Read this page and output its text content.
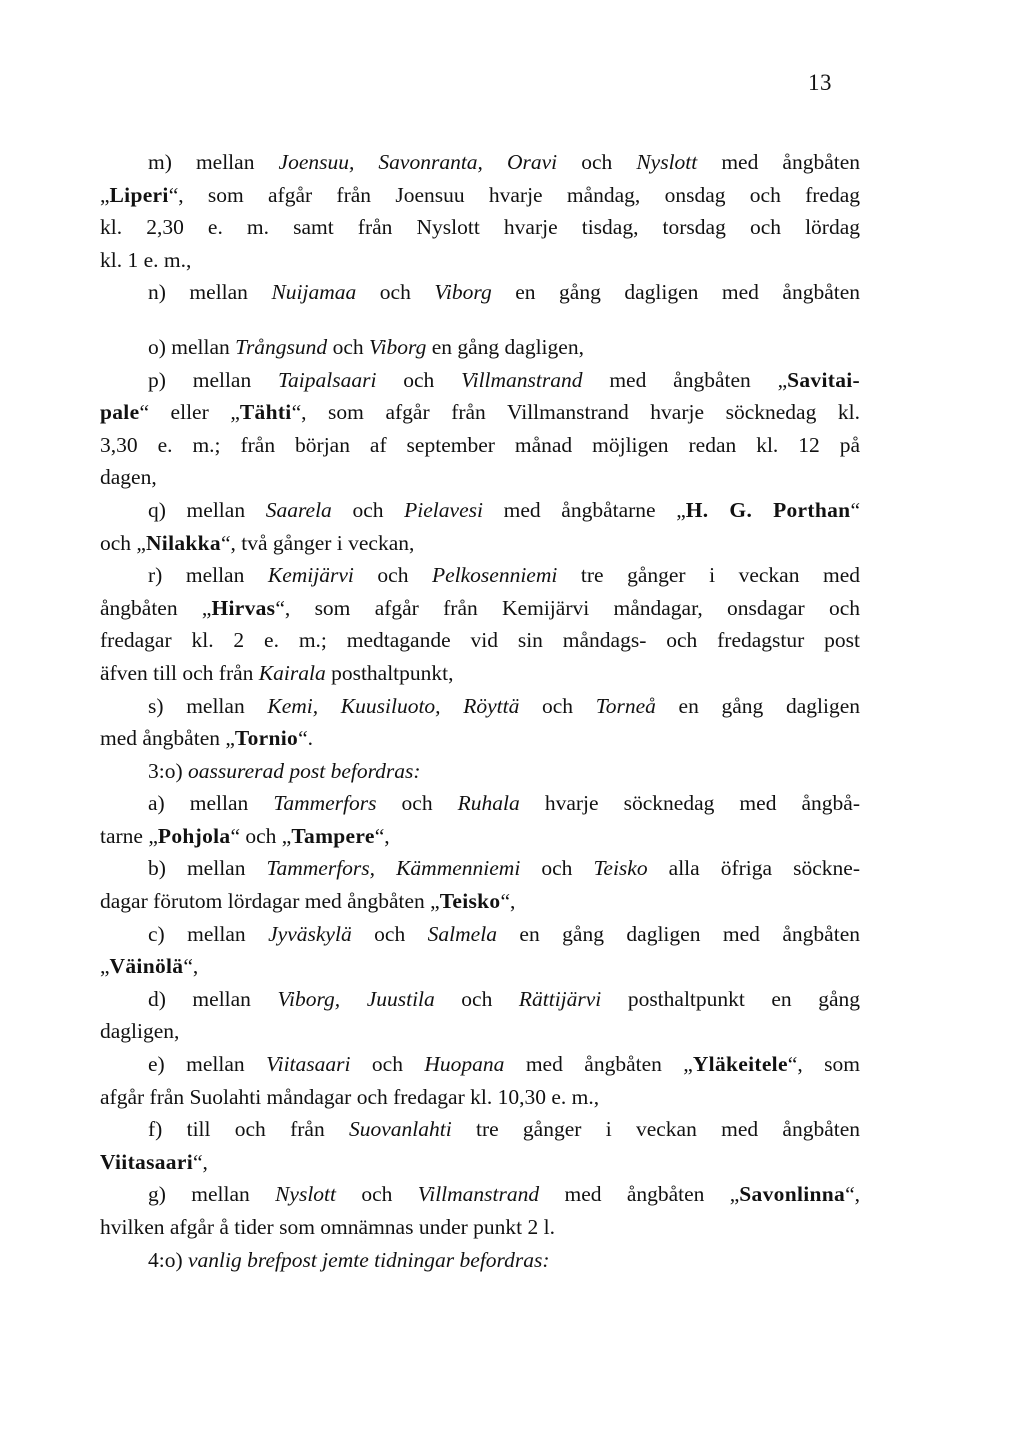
13
m) mellan Joensuu, Savonranta, Oravi och Nyslott med ångbåten
„Liperi“, som afgår från Joensuu hvarje måndag, onsdag och fredag
kl. 2,30 e. m. samt från Nyslott hvarje tisdag, torsdag och lördag
kl. 1 e. m.,
n) mellan Nuijamaa och Viborg en gång dagligen med ångbåten
o) mellan Trångsund och Viborg en gång dagligen,
p) mellan Taipalsaari och Villmanstrand med ångbåten „Savitai-
pale“ eller „Tähti“, som afgår från Villmanstrand hvarje söcknedag kl.
3,30 e. m.; från början af september månad möjligen redan kl. 12 på
dagen,
q) mellan Saarela och Pielavesi med ångbåtarne „H. G. Porthan“
och „Nilakka“, två gånger i veckan,
r) mellan Kemijärvi och Pelkosenniemi tre gånger i veckan med
ångbåten „Hirvas“, som afgår från Kemijärvi måndagar, onsdagar och
fredagar kl. 2 e. m.; medtagande vid sin måndags- och fredagstur post
äfven till och från Kairala posthaltpunkt,
s) mellan Kemi, Kuusiluoto, Röyttä och Torneå en gång dagligen
med ångbåten „Tornio“.
3:o) oassurerad post befordras:
a) mellan Tammerfors och Ruhala hvarje söcknedag med ångbå-
tarne „Pohjola“ och „Tampere“,
b) mellan Tammerfors, Kämmenniemi och Teisko alla öfriga söckne-
dagar förutom lördagar med ångbåten „Teisko“,
c) mellan Jyväskylä och Salmela en gång dagligen med ångbåten
„Väinölä“,
d) mellan Viborg, Juustila och Rättijärvi posthaltpunkt en gång
dagligen,
e) mellan Viitasaari och Huopana med ångbåten „Yläkeitele“, som
afgår från Suolahti måndagar och fredagar kl. 10,30 e. m.,
f) till och från Suovanlahti tre gånger i veckan med ångbåten
Viitasaari“,
g) mellan Nyslott och Villmanstrand med ångbåten „Savonlinna“,
hvilken afgår å tider som omnämnas under punkt 2 l.
4:o) vanlig brefpost jemte tidningar befordras:
